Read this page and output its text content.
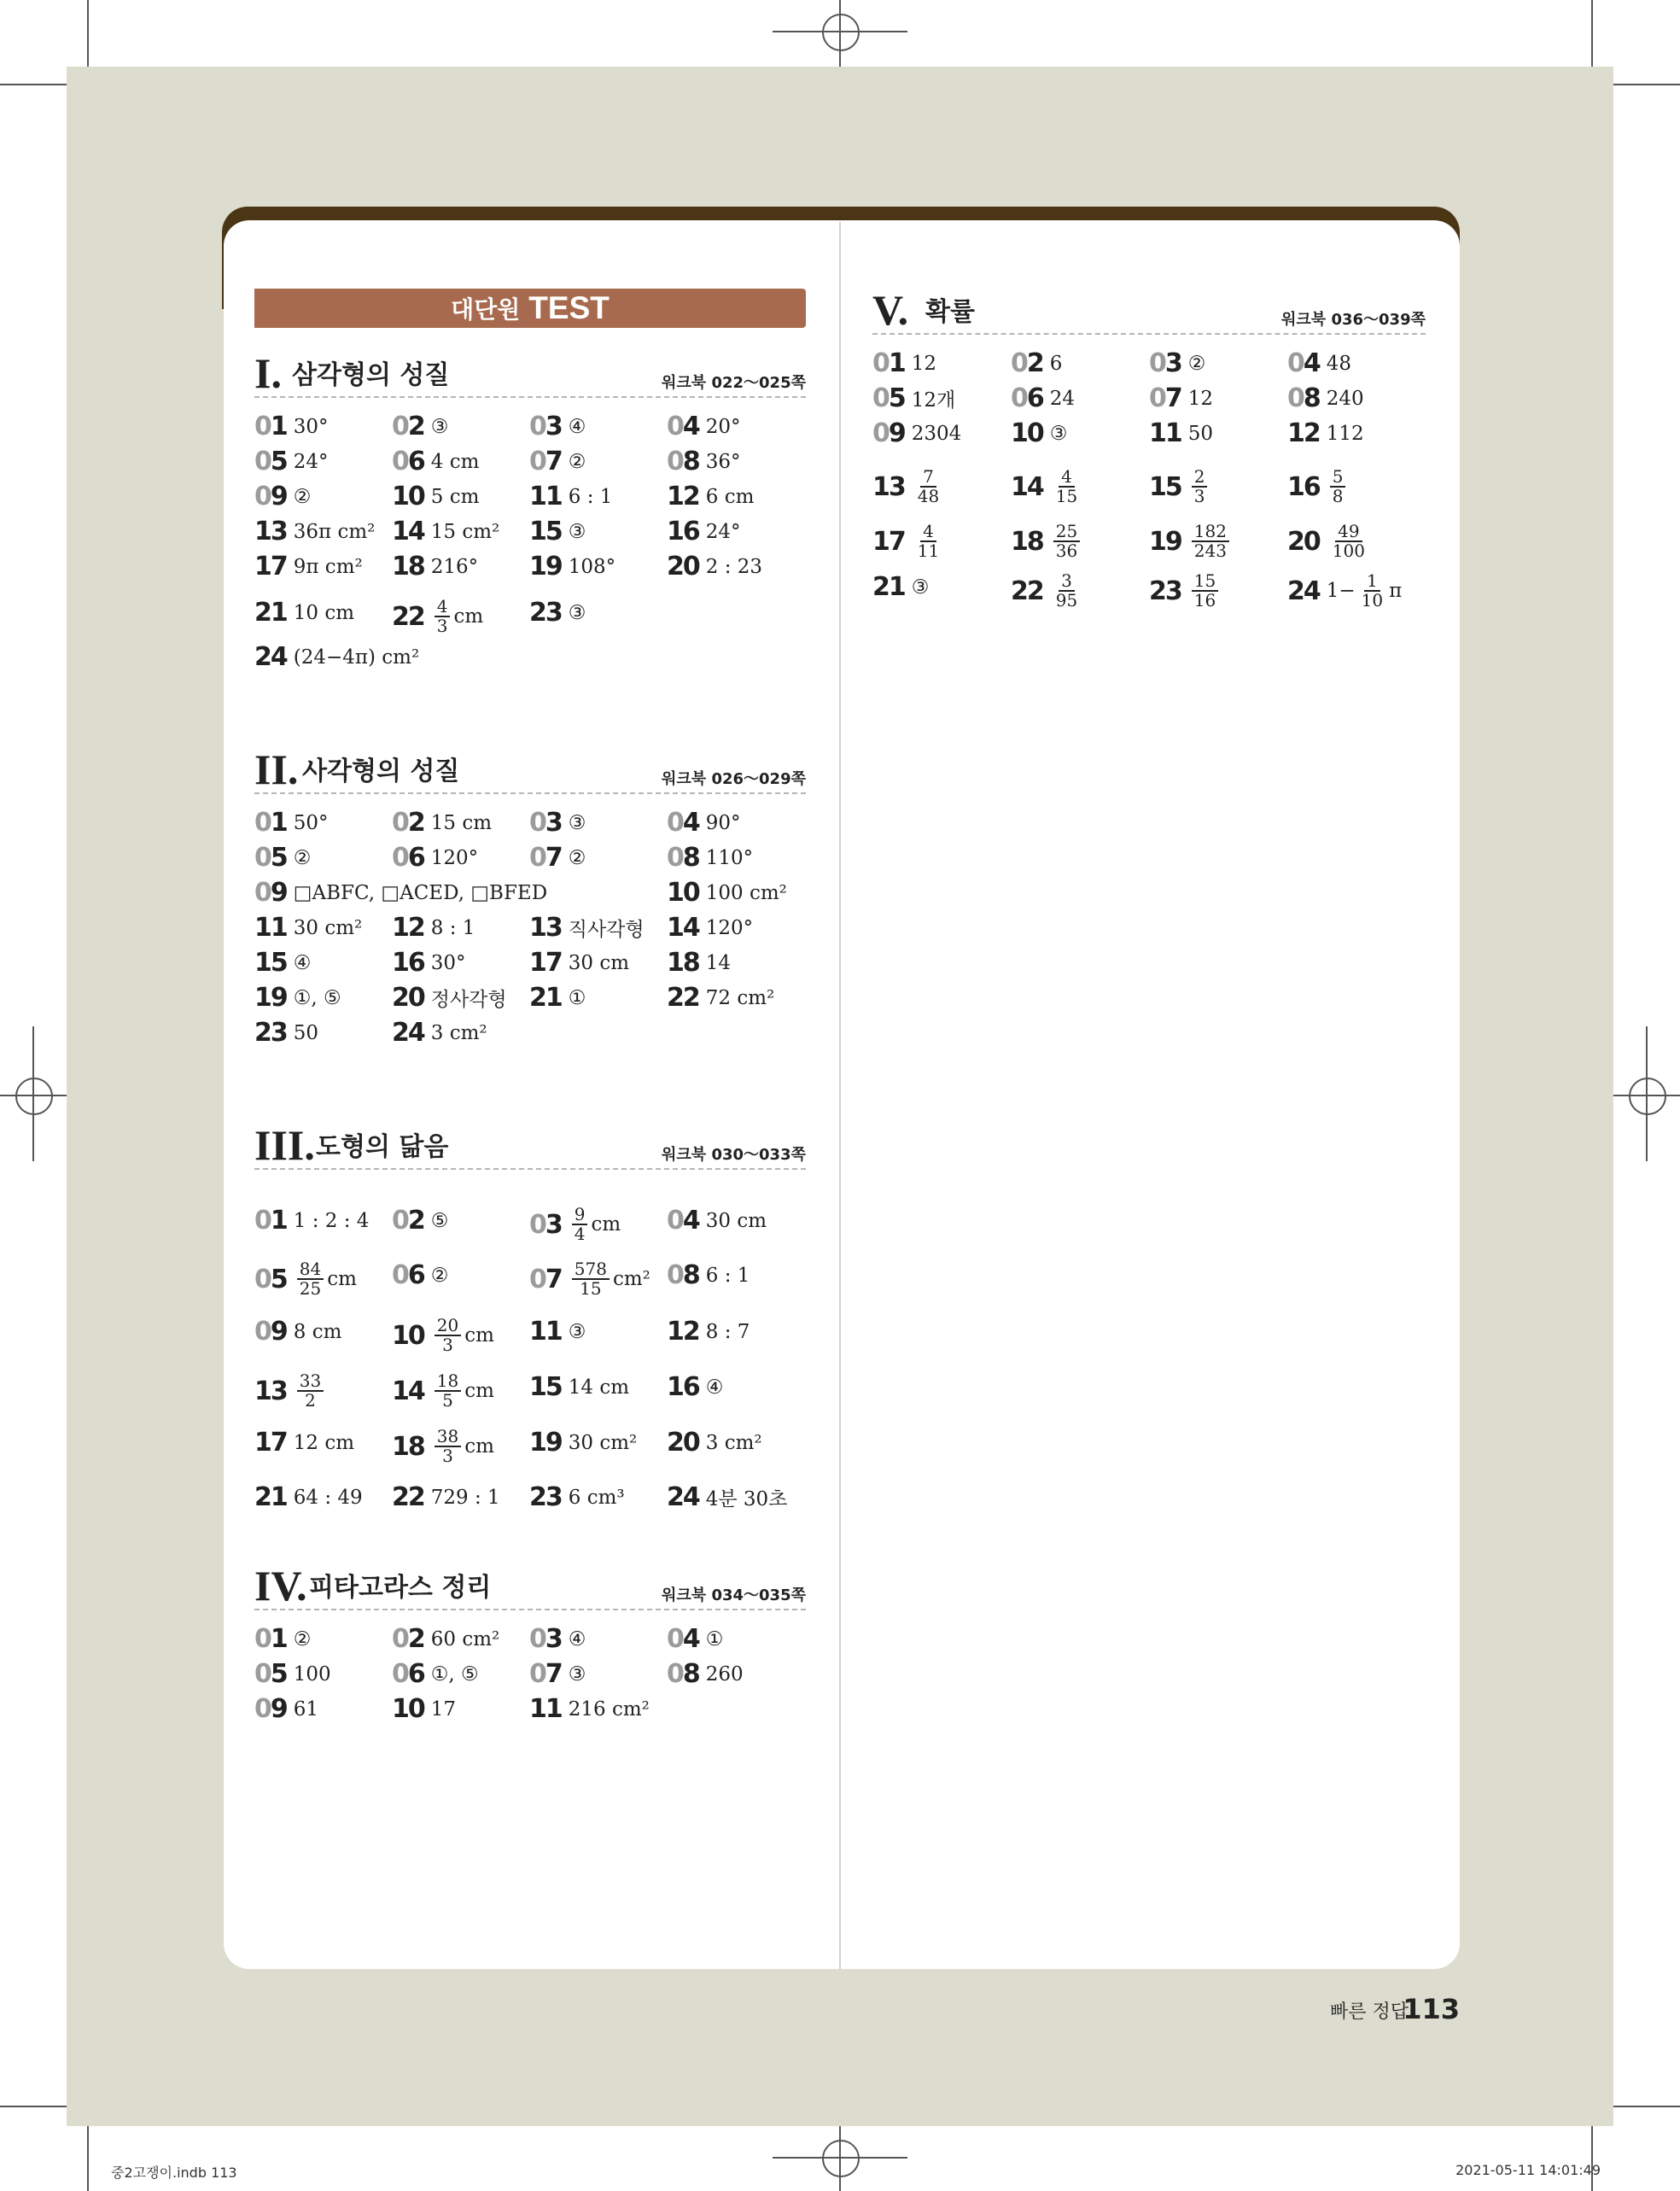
대단원 TEST
I. 삼각형의 성질	워크북 022～025쪽
01 30° 02 ③	03 ④	04 20°
05 24° 06 4 cm 07 ②	08 36°
09 ②	10 5 cm 11 6 : 1 12 6 cm
13 36π cm² 14 15 cm² 15 ③	16 24°
17 9π cm² 18 216° 19 108° 20 2 : 23
21 10 cm $22 \frac{4}{3}$ cm 23 ③
24 (24−4π) cm²
II. 사각형의 성질	워크북 026～029쪽
01 50° 02 15 cm 03 ③	04 90°
05 ②	06 120° 07 ②	08 110°
09 □ABFC, □ACED, □BFED	10 100 cm²
11 30 cm² 12 8 : 1 13 직사각형 14 120°
15 ④	16 30° 17 30 cm 18 14
19 ①, ⑤ 20 정사각형 21 ①	22 72 cm²
23 50	24 3 cm²
III. 도형의 닮음	워크북 030～033쪽
01 1 : 2 : 4 02 ⑤	$03 \frac{9}{4}$ cm 04 30 cm
$05 \frac{84}{25}$ cm 06 ②	$07 \frac{578}{15} cm^2$ 08 6 : 1
09 8 cm $10 \frac{20}{3}$ cm 11 ③	12 8 : 7
$13 \frac{33}{2}$	$14 \frac{18}{5}$ cm 15 14 cm 16 ④
17 12 cm $18 \frac{38}{3}$ cm 19 30 cm² 20 3 cm²
21 64 : 49 22 729 : 1 23 6 cm³ 24 4분 30초
IV. 피타고라스 정리	워크북 034～035쪽
01 ②	02 60 cm² 03 ④	04 ①
05 100 06 ①, ⑤ 07 ③	08 260
09 61	10 17	11 216 cm²
V. 확률	워크북 036～039쪽
01 12	02 6	03 ②	04 48
05 12개 06 24	07 12	08 240
09 2304 10 ③	11 50	12 112
$13 \frac{7}{48}$	$14 \frac{4}{15}$	$15 \frac{2}{3}$	$16 \frac{5}{8}$
$17 \frac{4}{11}$	$18 \frac{25}{36}$	$19 \frac{182}{243} 20 \frac{49}{100}$
21 ③	$22 \frac{3}{95}$	$23 \frac{15}{16}$	24 $1- \frac{1}{10}$ π
빠른 정답
113
중2고쟁이.indb 113	2021-05-11 14:01:49
